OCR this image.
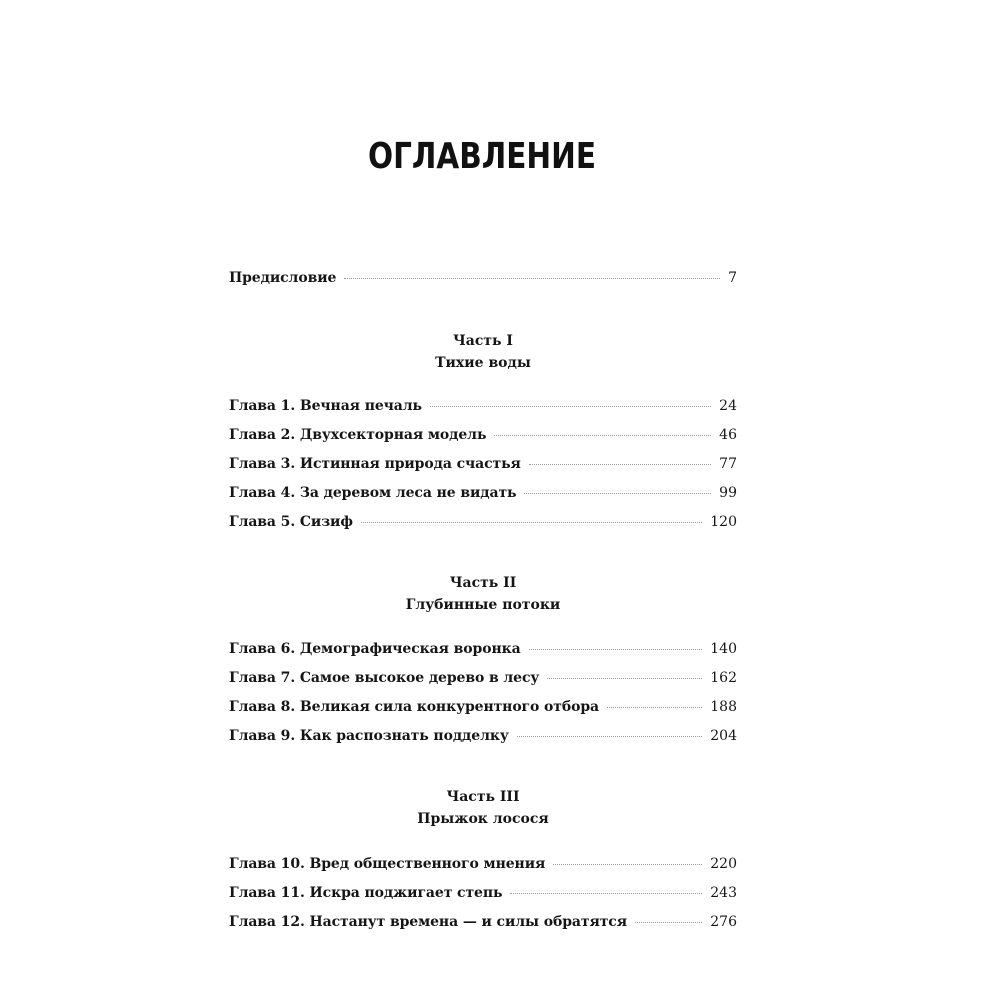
ОГЛАВЛЕНИЕ
Предисловие	7
Часть I
Тихие воды
Глава 1. Вечная печаль	24
Глава 2. Двухсекторная модель	46
Глава 3. Истинная природа счастья	77
Глава 4. За деревом леса не видать	99
Глава 5. Сизиф	120
Часть II
Глубинные потоки
Глава 6. Демографическая воронка	140
Глава 7. Самое высокое дерево в лесу	162
Глава 8. Великая сила конкурентного отбора	188
Глава 9. Как распознать подделку	204
Часть III
Прыжок лосося
Глава 10. Вред общественного мнения	220
Глава 11. Искра поджигает степь	243
Глава 12. Настанут времена — и силы обратятся	276
